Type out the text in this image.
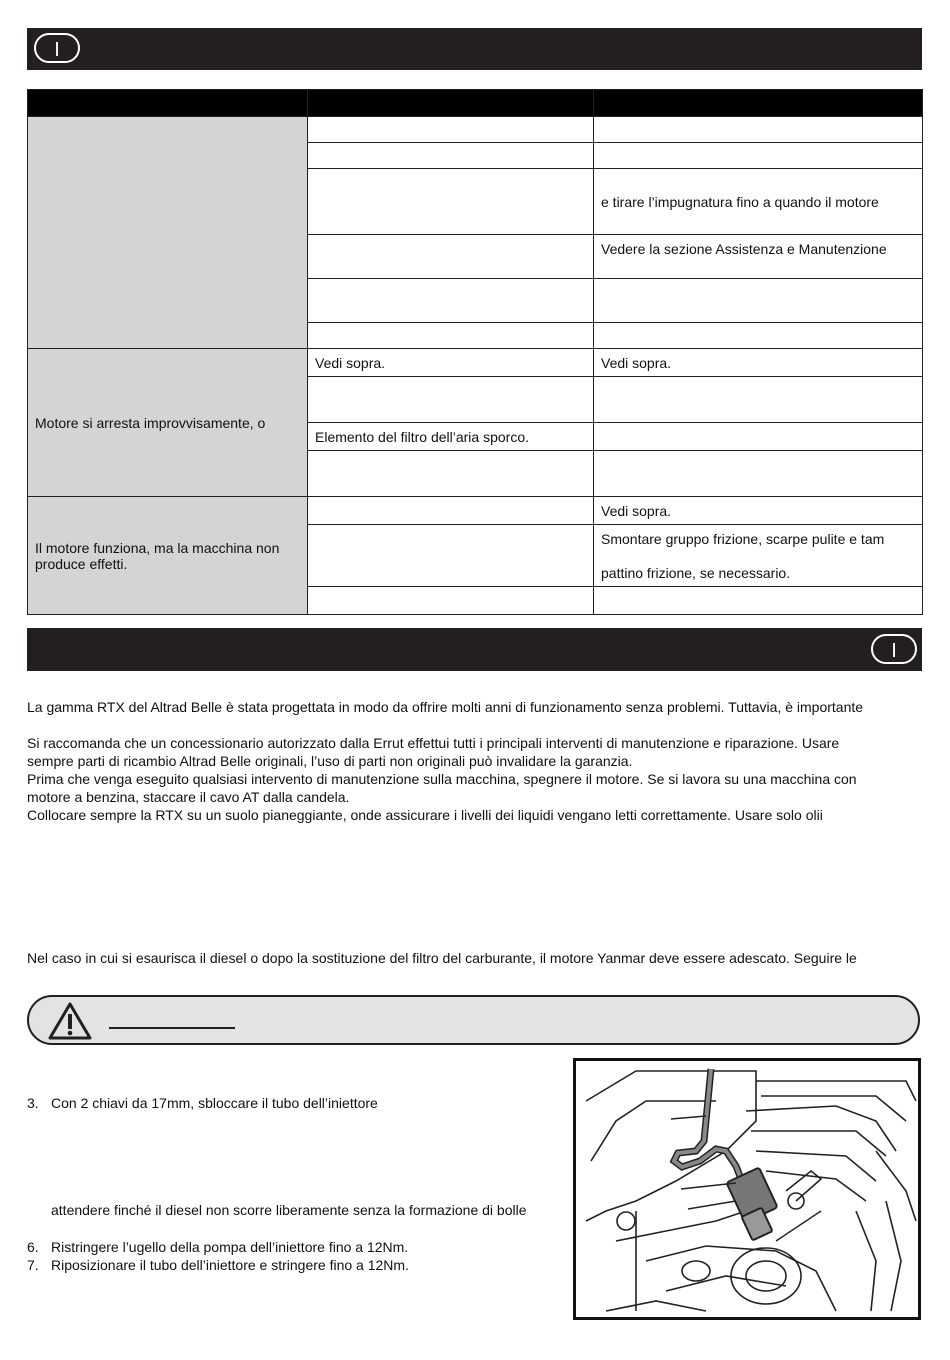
I

		e tirare l’impugnatura fino a quando il motore
		Vedere la sezione Assistenza e Manutenzione

Motore si arresta improvvisamente, o	Vedi sopra.	Vedi sopra.

	Elemento del filtro dell’aria sporco.	

Il motore funziona, ma la macchina non produce effetti.		Vedi sopra.

		Smontare gruppo frizione, scarpe pulite e tam
pattino frizione, se necessario.

I

La gamma RTX del Altrad Belle è stata progettata in modo da offrire molti anni di funzionamento senza problemi. Tuttavia, è importante

Si raccomanda che un concessionario autorizzato dalla Errut effettui tutti i principali interventi di manutenzione e riparazione. Usare

sempre parti di ricambio Altrad Belle originali, l’uso di parti non originali può invalidare la garanzia.

Prima che venga eseguito qualsiasi intervento di manutenzione sulla macchina, spegnere il motore. Se si lavora su una macchina con

motore a benzina, staccare il cavo AT dalla candela.

Collocare sempre la RTX su un suolo pianeggiante, onde assicurare i livelli dei liquidi vengano letti correttamente. Usare solo olii

Nel caso in cui si esaurisca il diesel o dopo la sostituzione del filtro del carburante, il motore Yanmar deve essere adescato. Seguire le

3. Con 2 chiavi da 17mm, sbloccare il tubo dell’iniettore
attendere finché il diesel non scorre liberamente senza la formazione di bolle
6. Ristringere l’ugello della pompa dell’iniettore fino a 12Nm.
7. Riposizionare il tubo dell’iniettore e stringere fino a 12Nm.
